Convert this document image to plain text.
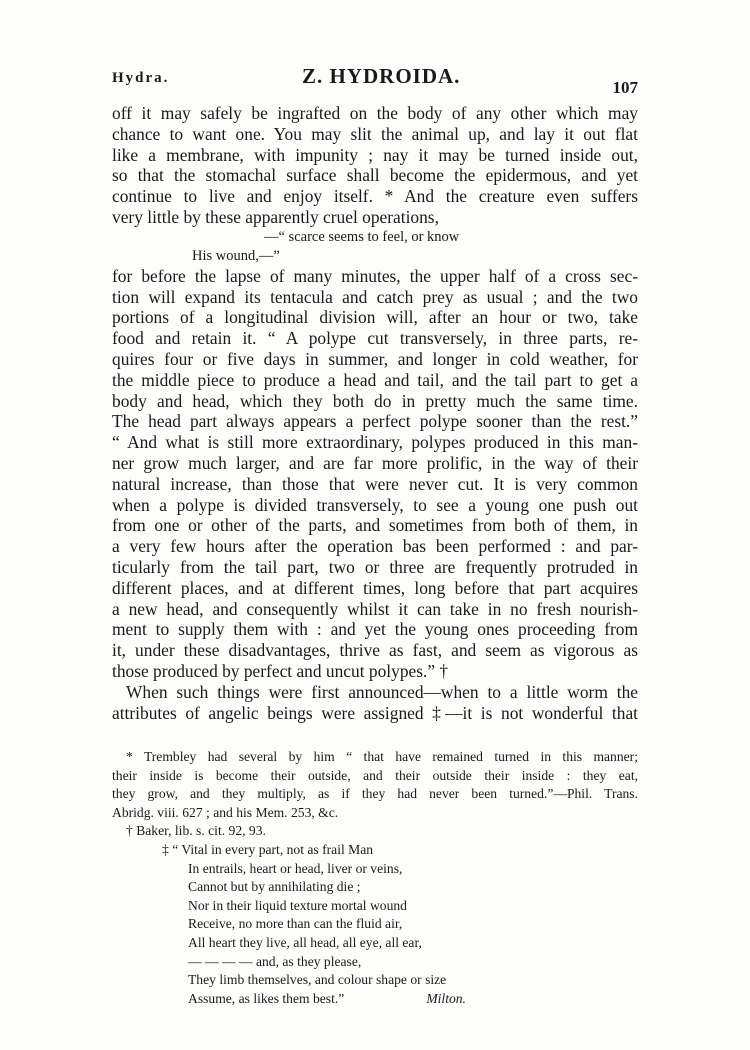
Hydra.	Z. HYDROIDA.	107
off it may safely be ingrafted on the body of any other which may
chance to want one. You may slit the animal up, and lay it out flat
like a membrane, with impunity ; nay it may be turned inside out,
so that the stomachal surface shall become the epidermous, and yet
continue to live and enjoy itself. * And the creature even suffers
very little by these apparently cruel operations,
—“ scarce seems to feel, or know
His wound,—”
for before the lapse of many minutes, the upper half of a cross sec-
tion will expand its tentacula and catch prey as usual ; and the two
portions of a longitudinal division will, after an hour or two, take
food and retain it. “ A polype cut transversely, in three parts, re-
quires four or five days in summer, and longer in cold weather, for
the middle piece to produce a head and tail, and the tail part to get a
body and head, which they both do in pretty much the same time.
The head part always appears a perfect polype sooner than the rest.”
“ And what is still more extraordinary, polypes produced in this man-
ner grow much larger, and are far more prolific, in the way of their
natural increase, than those that were never cut. It is very common
when a polype is divided transversely, to see a young one push out
from one or other of the parts, and sometimes from both of them, in
a very few hours after the operation bas been performed : and par-
ticularly from the tail part, two or three are frequently protruded in
different places, and at different times, long before that part acquires
a new head, and consequently whilst it can take in no fresh nourish-
ment to supply them with : and yet the young ones proceeding from
it, under these disadvantages, thrive as fast, and seem as vigorous as
those produced by perfect and uncut polypes.” †
When such things were first announced—when to a little worm the
attributes of angelic beings were assigned ‡—it is not wonderful that
* Trembley had several by him “ that have remained turned in this manner;
their inside is become their outside, and their outside their inside : they eat,
they grow, and they multiply, as if they had never been turned.”—Phil. Trans.
Abridg. viii. 627 ; and his Mem. 253, &c.
† Baker, lib. s. cit. 92, 93.
‡ “ Vital in every part, not as frail Man
In entrails, heart or head, liver or veins,
Cannot but by annihilating die ;
Nor in their liquid texture mortal wound
Receive, no more than can the fluid air,
All heart they live, all head, all eye, all ear,
— — — — and, as they please,
They limb themselves, and colour shape or size
Assume, as likes them best.”	Milton.
